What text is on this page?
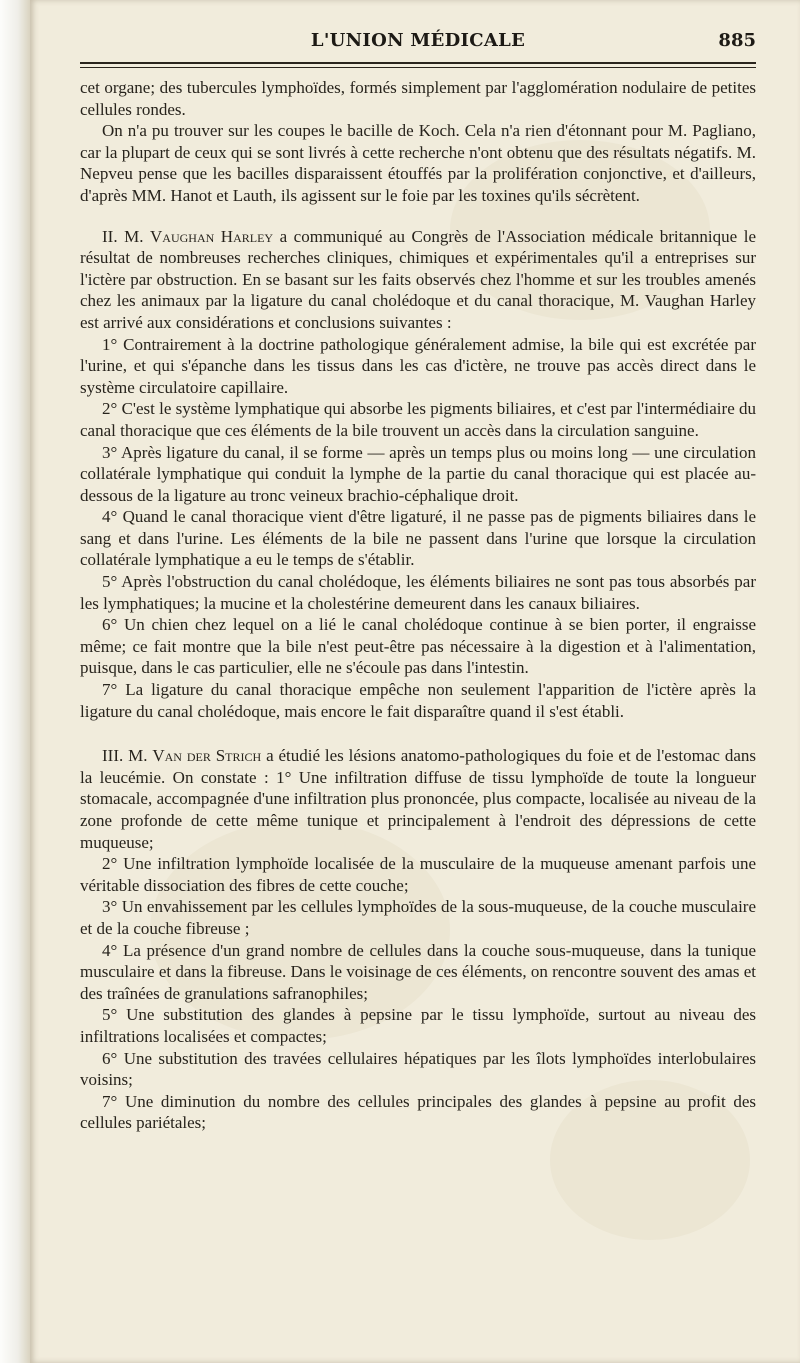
L'UNION MÉDICALE	885

cet organe; des tubercules lymphoïdes, formés simplement par l'agglomération nodulaire de petites cellules rondes.

On n'a pu trouver sur les coupes le bacille de Koch. Cela n'a rien d'étonnant pour M. Pagliano, car la plupart de ceux qui se sont livrés à cette recherche n'ont obtenu que des résultats négatifs. M. Nepveu pense que les bacilles disparaissent étouffés par la prolifération conjonctive, et d'ailleurs, d'après MM. Hanot et Lauth, ils agissent sur le foie par les toxines qu'ils sécrètent.

II. M. Vaughan Harley a communiqué au Congrès de l'Association médicale britannique le résultat de nombreuses recherches cliniques, chimiques et expérimentales qu'il a entreprises sur l'ictère par obstruction. En se basant sur les faits observés chez l'homme et sur les troubles amenés chez les animaux par la ligature du canal cholédoque et du canal thoracique, M. Vaughan Harley est arrivé aux considérations et conclusions suivantes :

1° Contrairement à la doctrine pathologique généralement admise, la bile qui est excrétée par l'urine, et qui s'épanche dans les tissus dans les cas d'ictère, ne trouve pas accès direct dans le système circulatoire capillaire.

2° C'est le système lymphatique qui absorbe les pigments biliaires, et c'est par l'intermédiaire du canal thoracique que ces éléments de la bile trouvent un accès dans la circulation sanguine.

3° Après ligature du canal, il se forme — après un temps plus ou moins long — une circulation collatérale lymphatique qui conduit la lymphe de la partie du canal thoracique qui est placée au-dessous de la ligature au tronc veineux brachio-céphalique droit.

4° Quand le canal thoracique vient d'être ligaturé, il ne passe pas de pigments biliaires dans le sang et dans l'urine. Les éléments de la bile ne passent dans l'urine que lorsque la circulation collatérale lymphatique a eu le temps de s'établir.

5° Après l'obstruction du canal cholédoque, les éléments biliaires ne sont pas tous absorbés par les lymphatiques; la mucine et la cholestérine demeurent dans les canaux biliaires.

6° Un chien chez lequel on a lié le canal cholédoque continue à se bien porter, il engraisse même; ce fait montre que la bile n'est peut-être pas nécessaire à la digestion et à l'alimentation, puisque, dans le cas particulier, elle ne s'écoule pas dans l'intestin.

7° La ligature du canal thoracique empêche non seulement l'apparition de l'ictère après la ligature du canal cholédoque, mais encore le fait disparaître quand il s'est établi.

III. M. Van der Strich a étudié les lésions anatomo-pathologiques du foie et de l'estomac dans la leucémie. On constate : 1° Une infiltration diffuse de tissu lymphoïde de toute la longueur stomacale, accompagnée d'une infiltration plus prononcée, plus compacte, localisée au niveau de la zone profonde de cette même tunique et principalement à l'endroit des dépressions de cette muqueuse;

2° Une infiltration lymphoïde localisée de la musculaire de la muqueuse amenant parfois une véritable dissociation des fibres de cette couche;

3° Un envahissement par les cellules lymphoïdes de la sous-muqueuse, de la couche musculaire et de la couche fibreuse ;

4° La présence d'un grand nombre de cellules dans la couche sous-muqueuse, dans la tunique musculaire et dans la fibreuse. Dans le voisinage de ces éléments, on rencontre souvent des amas et des traînées de granulations safranophiles;

5° Une substitution des glandes à pepsine par le tissu lymphoïde, surtout au niveau des infiltrations localisées et compactes;

6° Une substitution des travées cellulaires hépatiques par les îlots lymphoïdes interlobulaires voisins;

7° Une diminution du nombre des cellules principales des glandes à pepsine au profit des cellules pariétales;
